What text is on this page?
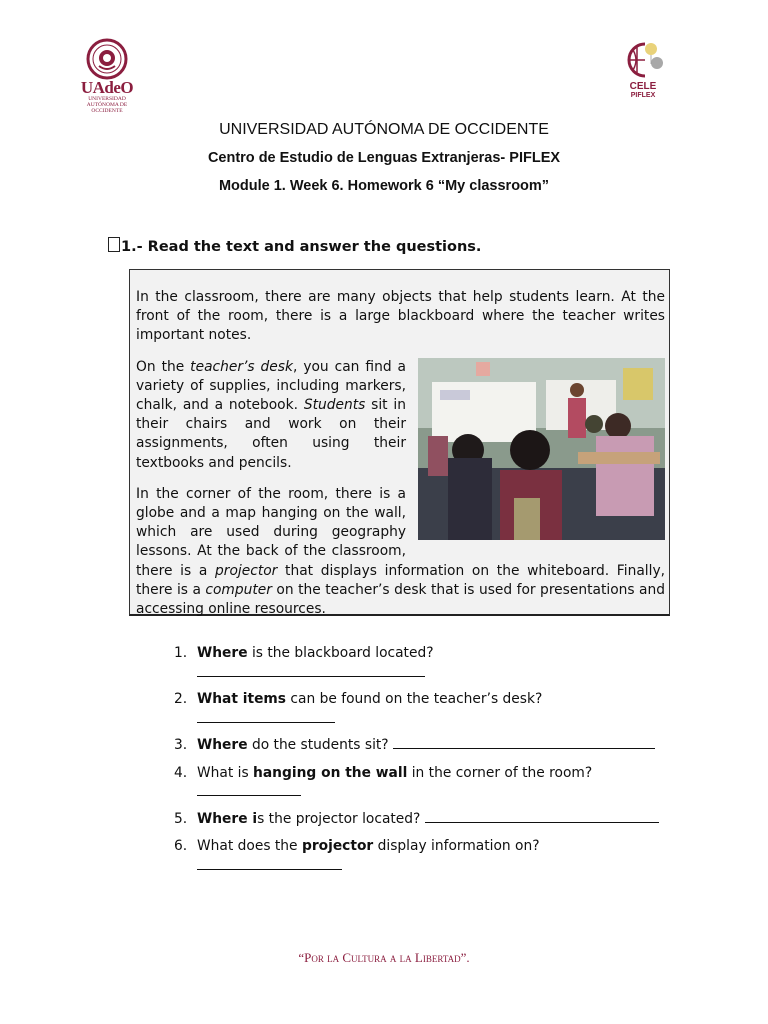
UAdeO
UNIVERSIDAD AUTÓNOMA DE OCCIDENTE
CELE
PIFLEX
UNIVERSIDAD AUTÓNOMA DE OCCIDENTE
Centro de Estudio de Lenguas Extranjeras- PIFLEX
Module 1. Week 6. Homework 6 “My classroom”
1.- Read the text and answer the questions.

In the classroom, there are many objects that help students learn. At the front of the room, there is a large blackboard where the teacher writes important notes.

On the teacher’s desk, you can find a variety of supplies, including markers, chalk, and a notebook. Students sit in their chairs and work on their assignments, often using their textbooks and pencils.

In the corner of the room, there is a globe and a map hanging on the wall, which are used during geography lessons. At the back of the classroom, there is a projector that displays information on the whiteboard. Finally, there is a computer on the teacher’s desk that is used for presentations and accessing online resources.

1. Where is the blackboard located?

2. What items can be found on the teacher’s desk?

3. Where do the students sit?
4. What is hanging on the wall in the corner of the room?

5. Where is the projector located?
6. What does the projector display information on?

“Por la Cultura a la Libertad”.
